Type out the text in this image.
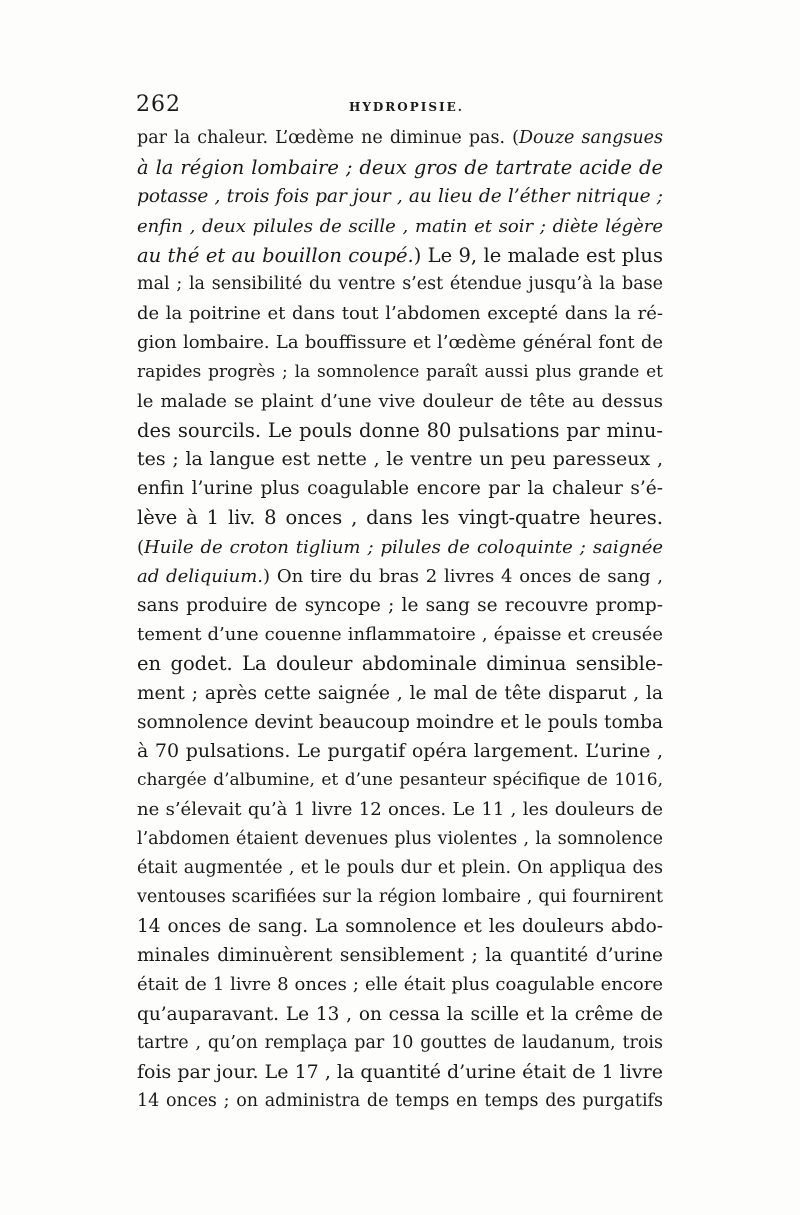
262	HYDROPISIE.
par la chaleur. L’œdème ne diminue pas. (Douze sangsues
à la région lombaire ; deux gros de tartrate acide de
potasse , trois fois par jour , au lieu de l’éther nitrique ;
enfin , deux pilules de scille , matin et soir ; diète légère
au thé et au bouillon coupé.) Le 9, le malade est plus
mal ; la sensibilité du ventre s’est étendue jusqu’à la base
de la poitrine et dans tout l’abdomen excepté dans la ré-
gion lombaire. La bouffissure et l’œdème général font de
rapides progrès ; la somnolence paraît aussi plus grande et
le malade se plaint d’une vive douleur de tête au dessus
des sourcils. Le pouls donne 80 pulsations par minu-
tes ; la langue est nette , le ventre un peu paresseux ,
enfin l’urine plus coagulable encore par la chaleur s’é-
lève à 1 liv. 8 onces , dans les vingt-quatre heures.
(Huile de croton tiglium ; pilules de coloquinte ; saignée
ad deliquium.) On tire du bras 2 livres 4 onces de sang ,
sans produire de syncope ; le sang se recouvre promp-
tement d’une couenne inflammatoire , épaisse et creusée
en godet. La douleur abdominale diminua sensible-
ment ; après cette saignée , le mal de tête disparut , la
somnolence devint beaucoup moindre et le pouls tomba
à 70 pulsations. Le purgatif opéra largement. L’urine ,
chargée d’albumine, et d’une pesanteur spécifique de 1016,
ne s’élevait qu’à 1 livre 12 onces. Le 11 , les douleurs de
l’abdomen étaient devenues plus violentes , la somnolence
était augmentée , et le pouls dur et plein. On appliqua des
ventouses scarifiées sur la région lombaire , qui fournirent
14 onces de sang. La somnolence et les douleurs abdo-
minales diminuèrent sensiblement ; la quantité d’urine
était de 1 livre 8 onces ; elle était plus coagulable encore
qu’auparavant. Le 13 , on cessa la scille et la crême de
tartre , qu’on remplaça par 10 gouttes de laudanum, trois
fois par jour. Le 17 , la quantité d’urine était de 1 livre
14 onces ; on administra de temps en temps des purgatifs
